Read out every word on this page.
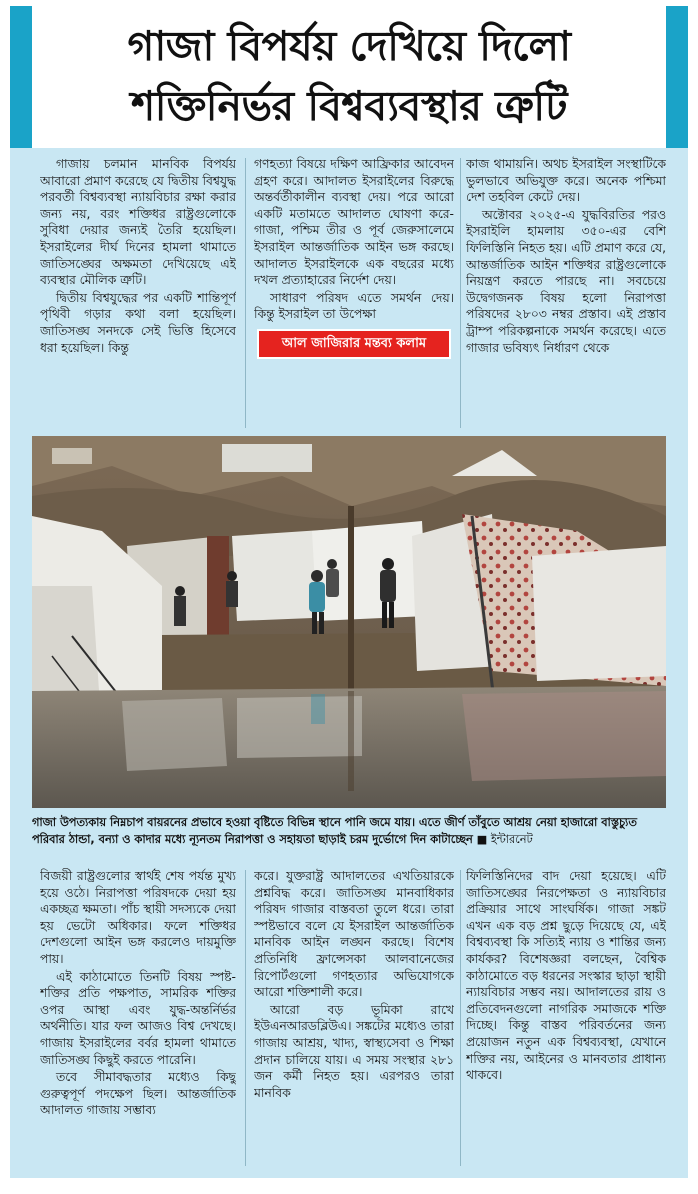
গাজা বিপর্যয় দেখিয়ে দিলো
শক্তিনির্ভর বিশ্বব্যবস্থার ত্রুটি

গাজায় চলমান মানবিক বিপর্যয় আবারো প্রমাণ করেছে যে দ্বিতীয় বিশ্বযুদ্ধ পরবর্তী বিশ্বব্যবস্থা ন্যায়বিচার রক্ষা করার জন্য নয়, বরং শক্তিধর রাষ্ট্রগুলোকে সুবিধা দেয়ার জন্যই তৈরি হয়েছিল। ইসরাইলের দীর্ঘ দিনের হামলা থামাতে জাতিসঙ্ঘের অক্ষমতা দেখিয়েছে এই ব্যবস্থার মৌলিক ত্রুটি।

দ্বিতীয় বিশ্বযুদ্ধের পর একটি শান্তিপূর্ণ পৃথিবী গড়ার কথা বলা হয়েছিল। জাতিসঙ্ঘ সনদকে সেই ভিত্তি হিসেবে ধরা হয়েছিল। কিন্তু

গণহত্যা বিষয়ে দক্ষিণ আফ্রিকার আবেদন গ্রহণ করে। আদালত ইসরাইলের বিরুদ্ধে অন্তর্বর্তীকালীন ব্যবস্থা দেয়। পরে আরো একটি মতামতে আদালত ঘোষণা করে- গাজা, পশ্চিম তীর ও পূর্ব জেরুসালেমে ইসরাইল আন্তর্জাতিক আইন ভঙ্গ করছে। আদালত ইসরাইলকে এক বছরের মধ্যে দখল প্রত্যাহারের নির্দেশ দেয়।

সাধারণ পরিষদ এতে সমর্থন দেয়। কিন্তু ইসরাইল তা উপেক্ষা

আল জাজিরার মন্তব্য কলাম

কাজ থামায়নি। অথচ ইসরাইল সংস্থাটিকে ভুলভাবে অভিযুক্ত করে। অনেক পশ্চিমা দেশ তহবিল কেটে দেয়।

অক্টোবর ২০২৫-এ যুদ্ধবিরতির পরও ইসরাইলি হামলায় ৩৫০-এর বেশি ফিলিস্তিনি নিহত হয়। এটি প্রমাণ করে যে, আন্তর্জাতিক আইন শক্তিধর রাষ্ট্রগুলোকে নিয়ন্ত্রণ করতে পারছে না। সবচেয়ে উদ্বেগজনক বিষয় হলো নিরাপত্তা পরিষদের ২৮০৩ নম্বর প্রস্তাব। এই প্রস্তাব ট্রাম্প পরিকল্পনাকে সমর্থন করেছে। এতে গাজার ভবিষ্যৎ নির্ধারণ থেকে

গাজা উপত্যকায় নিম্নচাপ বায়রনের প্রভাবে হওয়া বৃষ্টিতে বিভিন্ন স্থানে পানি জমে যায়। এতে জীর্ণ তাঁবুতে আশ্রয় নেয়া হাজারো বাস্তুচ্যুত পরিবার ঠান্ডা, বন্যা ও কাদার মধ্যে ন্যূনতম নিরাপত্তা ও সহায়তা ছাড়াই চরম দুর্ভোগে দিন কাটাচ্ছেন ■ ইন্টারনেট

বিজয়ী রাষ্ট্রগুলোর স্বার্থই শেষ পর্যন্ত মুখ্য হয়ে ওঠে। নিরাপত্তা পরিষদকে দেয়া হয় একচ্ছত্র ক্ষমতা। পাঁচ স্থায়ী সদস্যকে দেয়া হয় ভেটো অধিকার। ফলে শক্তিধর দেশগুলো আইন ভঙ্গ করলেও দায়মুক্তি পায়।

এই কাঠামোতে তিনটি বিষয় স্পষ্ট- শক্তির প্রতি পক্ষপাত, সামরিক শক্তির ওপর আস্থা এবং যুদ্ধ-অন্তর্নির্ভর অর্থনীতি। যার ফল আজও বিশ্ব দেখছে। গাজায় ইসরাইলের বর্বর হামলা থামাতে জাতিসঙ্ঘ কিছুই করতে পারেনি।

তবে সীমাবদ্ধতার মধ্যেও কিছু গুরুত্বপূর্ণ পদক্ষেপ ছিল। আন্তর্জাতিক আদালত গাজায় সম্ভাব্য

করে। যুক্তরাষ্ট্র আদালতের এখতিয়ারকে প্রশ্নবিদ্ধ করে। জাতিসঙ্ঘ মানবাধিকার পরিষদ গাজার বাস্তবতা তুলে ধরে। তারা স্পষ্টভাবে বলে যে ইসরাইল আন্তর্জাতিক মানবিক আইন লঙ্ঘন করছে। বিশেষ প্রতিনিধি ফ্রান্সেসকা আলবানেজের রিপোর্টগুলো গণহত্যার অভিযোগকে আরো শক্তিশালী করে।

আরো বড় ভূমিকা রাখে ইউএনআরডব্লিউএ। সঙ্কটের মধ্যেও তারা গাজায় আশ্রয়, খাদ্য, স্বাস্থ্যসেবা ও শিক্ষা প্রদান চালিয়ে যায়। এ সময় সংস্থার ২৮১ জন কর্মী নিহত হয়। এরপরও তারা মানবিক

ফিলিস্তিনিদের বাদ দেয়া হয়েছে। এটি জাতিসঙ্ঘের নিরপেক্ষতা ও ন্যায়বিচার প্রক্রিয়ার সাথে সাংঘর্ষিক। গাজা সঙ্কট এখন এক বড় প্রশ্ন ছুড়ে দিয়েছে যে, এই বিশ্বব্যবস্থা কি সত্যিই ন্যায় ও শান্তির জন্য কার্যকর? বিশেষজ্ঞরা বলছেন, বৈশ্বিক কাঠামোতে বড় ধরনের সংস্কার ছাড়া স্থায়ী ন্যায়বিচার সম্ভব নয়। আদালতের রায় ও প্রতিবেদনগুলো নাগরিক সমাজকে শক্তি দিচ্ছে। কিন্তু বাস্তব পরিবর্তনের জন্য প্রয়োজন নতুন এক বিশ্বব্যবস্থা, যেখানে শক্তির নয়, আইনের ও মানবতার প্রাধান্য থাকবে।
